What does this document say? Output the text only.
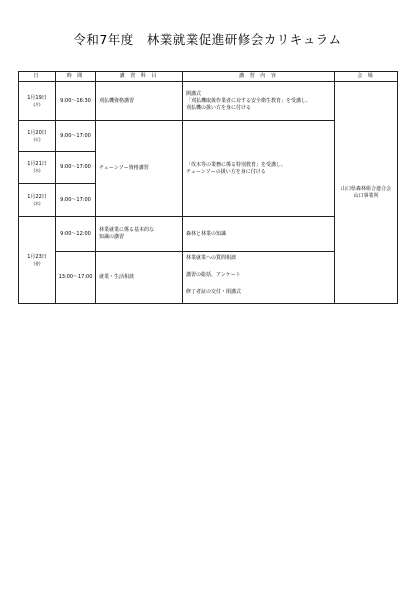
令和7年度　林業就業促進研修会カリキュラム
日	時 間	講 習 科 目	講 習 内 容	会 場

1月19日
(月)	9:00～16:30	刈払機資格講習	開講式
「刈払機取扱作業者に対する安全衛生教育」を受講し、
刈払機の扱い方を身に付ける	山口県森林組合連合会
山口事業所

1月20日
(火)	9:00～17:00	チェーンソー資格講習	「伐木等の業務に係る特別教育」を受講し、
チェーンソーの扱い方を身に付ける	

1月21日
(水)	9:00～17:00			

1月22日
(木)	9:00～17:00			

1月23日
(金)	9:00～12:00	林業就業に係る基本的な
知識の講習	森林と林業の知識	
	13:00～17:00	就業・生活相談	林業就業への質問相談
講習の総括、アンケート
修了者証の交付・閉講式	
